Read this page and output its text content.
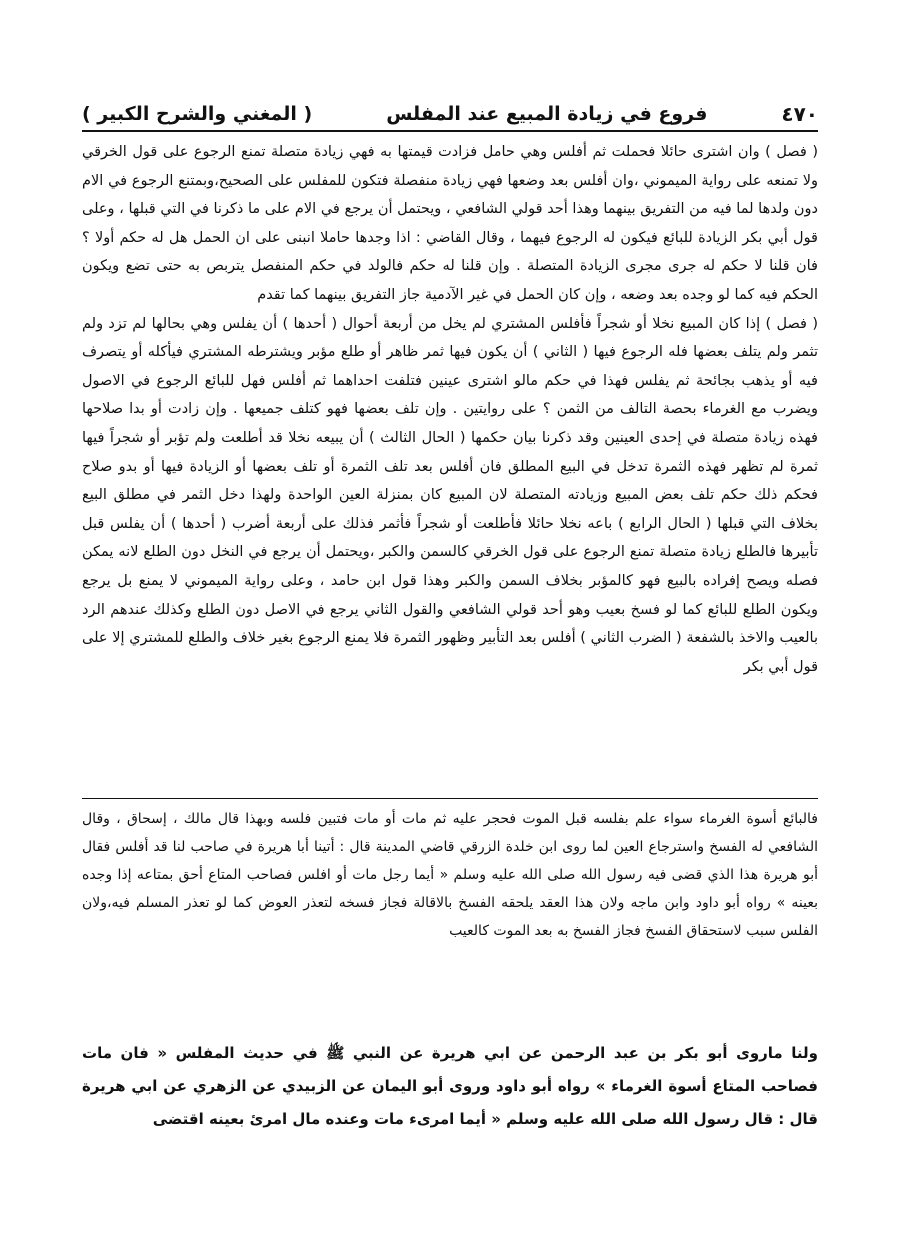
٤٧٠
فروع في زيادة المبيع عند المفلس
( المغني والشرح الكبير )

( فصل ) وان اشترى حائلا فحملت ثم أفلس وهي حامل فزادت قيمتها به فهي زيادة متصلة تمنع الرجوع على قول الخرقي ولا تمنعه على رواية الميموني ،وان أفلس بعد وضعها فهي زيادة منفصلة فتكون للمفلس على الصحيح،وبمتنع الرجوع في الام دون ولدها لما فيه من التفريق بينهما وهذا أحد قولي الشافعي ، ويحتمل أن يرجع في الام على ما ذكرنا في التي قبلها ، وعلى قول أبي بكر الزيادة للبائع فيكون له الرجوع فيهما ، وقال القاضي : اذا وجدها حاملا انبنى على ان الحمل هل له حكم أولا ؟ فان قلنا لا حكم له جرى مجرى الزيادة المتصلة . وإن قلنا له حكم فالولد في حكم المنفصل يتربص به حتى تضع ويكون الحكم فيه كما لو وجده بعد وضعه ، وإن كان الحمل في غير الآدمية جاز التفريق بينهما كما تقدم

( فصل ) إذا كان المبيع نخلا أو شجراً فأفلس المشتري لم يخل من أربعة أحوال ( أحدها ) أن يفلس وهي بحالها لم تزد ولم تثمر ولم يتلف بعضها فله الرجوع فيها ( الثاني ) أن يكون فيها ثمر ظاهر أو طلع مؤبر ويشترطه المشتري فيأكله أو يتصرف فيه أو يذهب بجائحة ثم يفلس فهذا في حكم مالو اشترى عينين فتلفت احداهما ثم أفلس فهل للبائع الرجوع في الاصول ويضرب مع الغرماء بحصة التالف من الثمن ؟ على روايتين . وإن تلف بعضها فهو كتلف جميعها . وإن زادت أو بدا صلاحها فهذه زيادة متصلة في إحدى العينين وقد ذكرنا بيان حكمها ( الحال الثالث ) أن يبيعه نخلا قد أطلعت ولم تؤبر أو شجراً فيها ثمرة لم تظهر فهذه الثمرة تدخل في البيع المطلق فان أفلس بعد تلف الثمرة أو تلف بعضها أو الزيادة فيها أو بدو صلاح فحكم ذلك حكم تلف بعض المبيع وزيادته المتصلة لان المبيع كان بمنزلة العين الواحدة ولهذا دخل الثمر في مطلق البيع بخلاف التي قبلها ( الحال الرابع ) باعه نخلا حائلا فأطلعت أو شجراً فأثمر فذلك على أربعة أضرب ( أحدها ) أن يفلس قبل تأبيرها فالطلع زيادة متصلة تمنع الرجوع على قول الخرقي كالسمن والكبر ،ويحتمل أن يرجع في النخل دون الطلع لانه يمكن فصله ويصح إفراده بالبيع فهو كالمؤبر بخلاف السمن والكبر وهذا قول ابن حامد ، وعلى رواية الميموني لا يمنع بل يرجع ويكون الطلع للبائع كما لو فسخ بعيب وهو أحد قولي الشافعي والقول الثاني يرجع في الاصل دون الطلع وكذلك عندهم الرد بالعيب والاخذ بالشفعة ( الضرب الثاني ) أفلس بعد التأبير وظهور الثمرة فلا يمنع الرجوع بغير خلاف والطلع للمشتري إلا على قول أبي بكر

فالبائع أسوة الغرماء سواء علم بفلسه قبل الموت فحجر عليه ثم مات أو مات فتبين فلسه وبهذا قال مالك ، إسحاق ، وقال الشافعي له الفسخ واسترجاع العين لما روى ابن خلدة الزرقي قاضي المدينة قال : أتينا أبا هريرة في صاحب لنا قد أفلس فقال أبو هريرة هذا الذي قضى فيه رسول الله صلى الله عليه وسلم « أيما رجل مات أو افلس فصاحب المتاع أحق بمتاعه إذا وجده بعينه » رواه أبو داود وابن ماجه ولان هذا العقد يلحقه الفسخ بالاقالة فجاز فسخه لتعذر العوض كما لو تعذر المسلم فيه،ولان الفلس سبب لاستحقاق الفسخ فجاز الفسخ به بعد الموت كالعيب

ولنا ماروى أبو بكر بن عبد الرحمن عن ابي هريرة عن النبي ﷺ في حديث المفلس « فان مات فصاحب المتاع أسوة الغرماء » رواه أبو داود وروى أبو اليمان عن الزبيدي عن الزهري عن ابي هريرة قال : قال رسول الله صلى الله عليه وسلم « أيما امرىء مات وعنده مال امرئ بعينه اقتضى
